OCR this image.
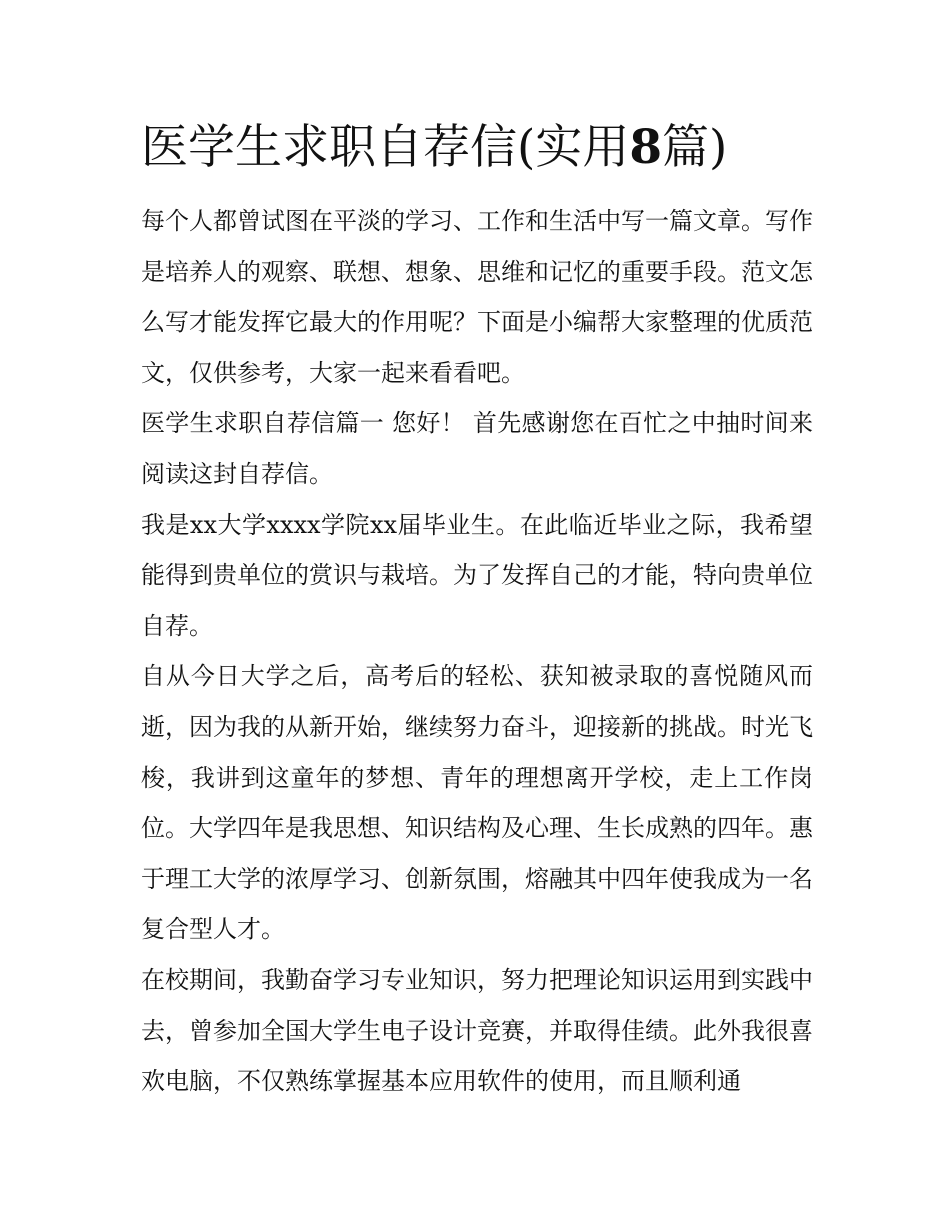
医学生求职自荐信(实用8篇)

每个人都曾试图在平淡的学习、工作和生活中写一篇文章。写作是培养人的观察、联想、想象、思维和记忆的重要手段。范文怎么写才能发挥它最大的作用呢？下面是小编帮大家整理的优质范文，仅供参考，大家一起来看看吧。

医学生求职自荐信篇一 您好！ 首先感谢您在百忙之中抽时间来阅读这封自荐信。

我是xx大学xxxx学院xx届毕业生。在此临近毕业之际，我希望能得到贵单位的赏识与栽培。为了发挥自己的才能，特向贵单位自荐。

自从今日大学之后，高考后的轻松、获知被录取的喜悦随风而逝，因为我的从新开始，继续努力奋斗，迎接新的挑战。时光飞梭，我讲到这童年的梦想、青年的理想离开学校，走上工作岗位。大学四年是我思想、知识结构及心理、生长成熟的四年。惠于理工大学的浓厚学习、创新氛围，熔融其中四年使我成为一名复合型人才。

在校期间，我勤奋学习专业知识，努力把理论知识运用到实践中去，曾参加全国大学生电子设计竞赛，并取得佳绩。此外我很喜欢电脑，不仅熟练掌握基本应用软件的使用，而且顺利通
